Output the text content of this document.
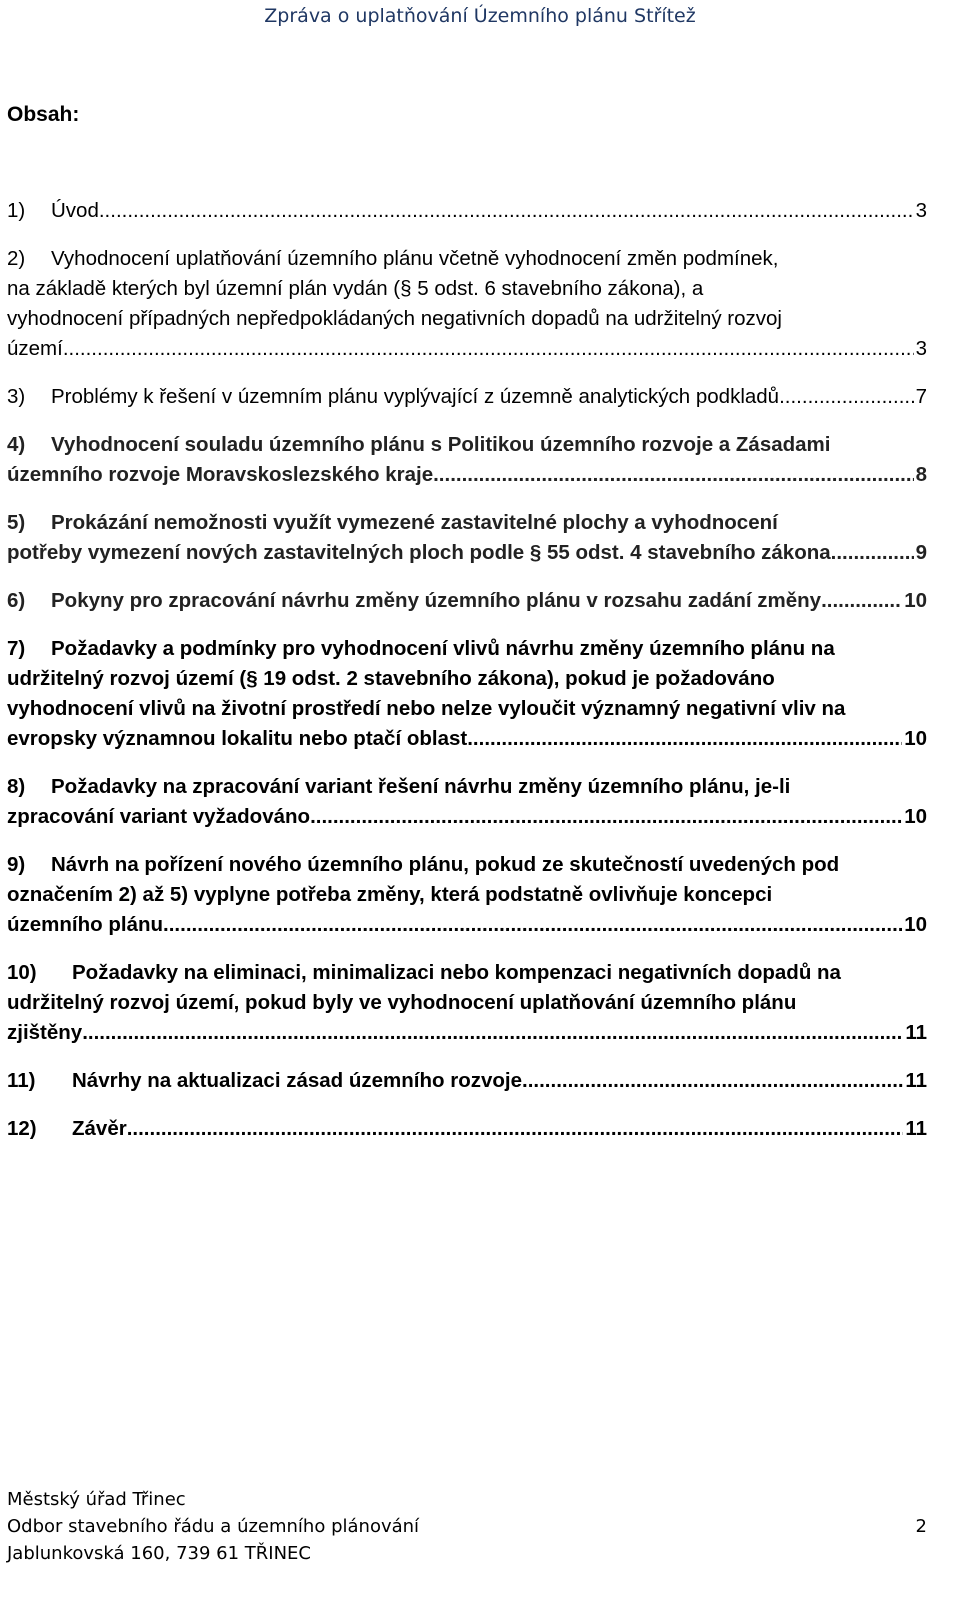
Zpráva o uplatňování Územního plánu Střítež
Obsah:
1)	Úvod .....	3
2) Vyhodnocení uplatňování územního plánu včetně vyhodnocení změn podmínek,
na základě kterých byl územní plán vydán (§ 5 odst. 6 stavebního zákona), a
vyhodnocení případných nepředpokládaných negativních dopadů na udržitelný rozvoj
území .....	3
3)	Problémy k řešení v územním plánu vyplývající z územně analytických podkladů .....	7
4) Vyhodnocení souladu územního plánu s Politikou územního rozvoje a Zásadami
územního rozvoje Moravskoslezského kraje .....	8
5) Prokázání nemožnosti využít vymezené zastavitelné plochy a vyhodnocení
potřeby vymezení nových zastavitelných ploch podle § 55 odst. 4 stavebního zákona .....	9
6)	Pokyny pro zpracování návrhu změny územního plánu v rozsahu zadání změny .....	10
7) Požadavky a podmínky pro vyhodnocení vlivů návrhu změny územního plánu na
udržitelný rozvoj území (§ 19 odst. 2 stavebního zákona), pokud je požadováno
vyhodnocení vlivů na životní prostředí nebo nelze vyloučit významný negativní vliv na
evropsky významnou lokalitu nebo ptačí oblast .....	10
8) Požadavky na zpracování variant řešení návrhu změny územního plánu, je-li
zpracování variant vyžadováno .....	10
9) Návrh na pořízení nového územního plánu, pokud ze skutečností uvedených pod
označením 2) až 5) vyplyne potřeba změny, která podstatně ovlivňuje koncepci
územního plánu .....	10
10) Požadavky na eliminaci, minimalizaci nebo kompenzaci negativních dopadů na
udržitelný rozvoj území, pokud byly ve vyhodnocení uplatňování územního plánu
zjištěny .....	11
11)	Návrhy na aktualizaci zásad územního rozvoje .....	11
12)	Závěr .....	11
Městský úřad Třinec
Odbor stavebního řádu a územního plánování	2
Jablunkovská 160, 739 61 TŘINEC
